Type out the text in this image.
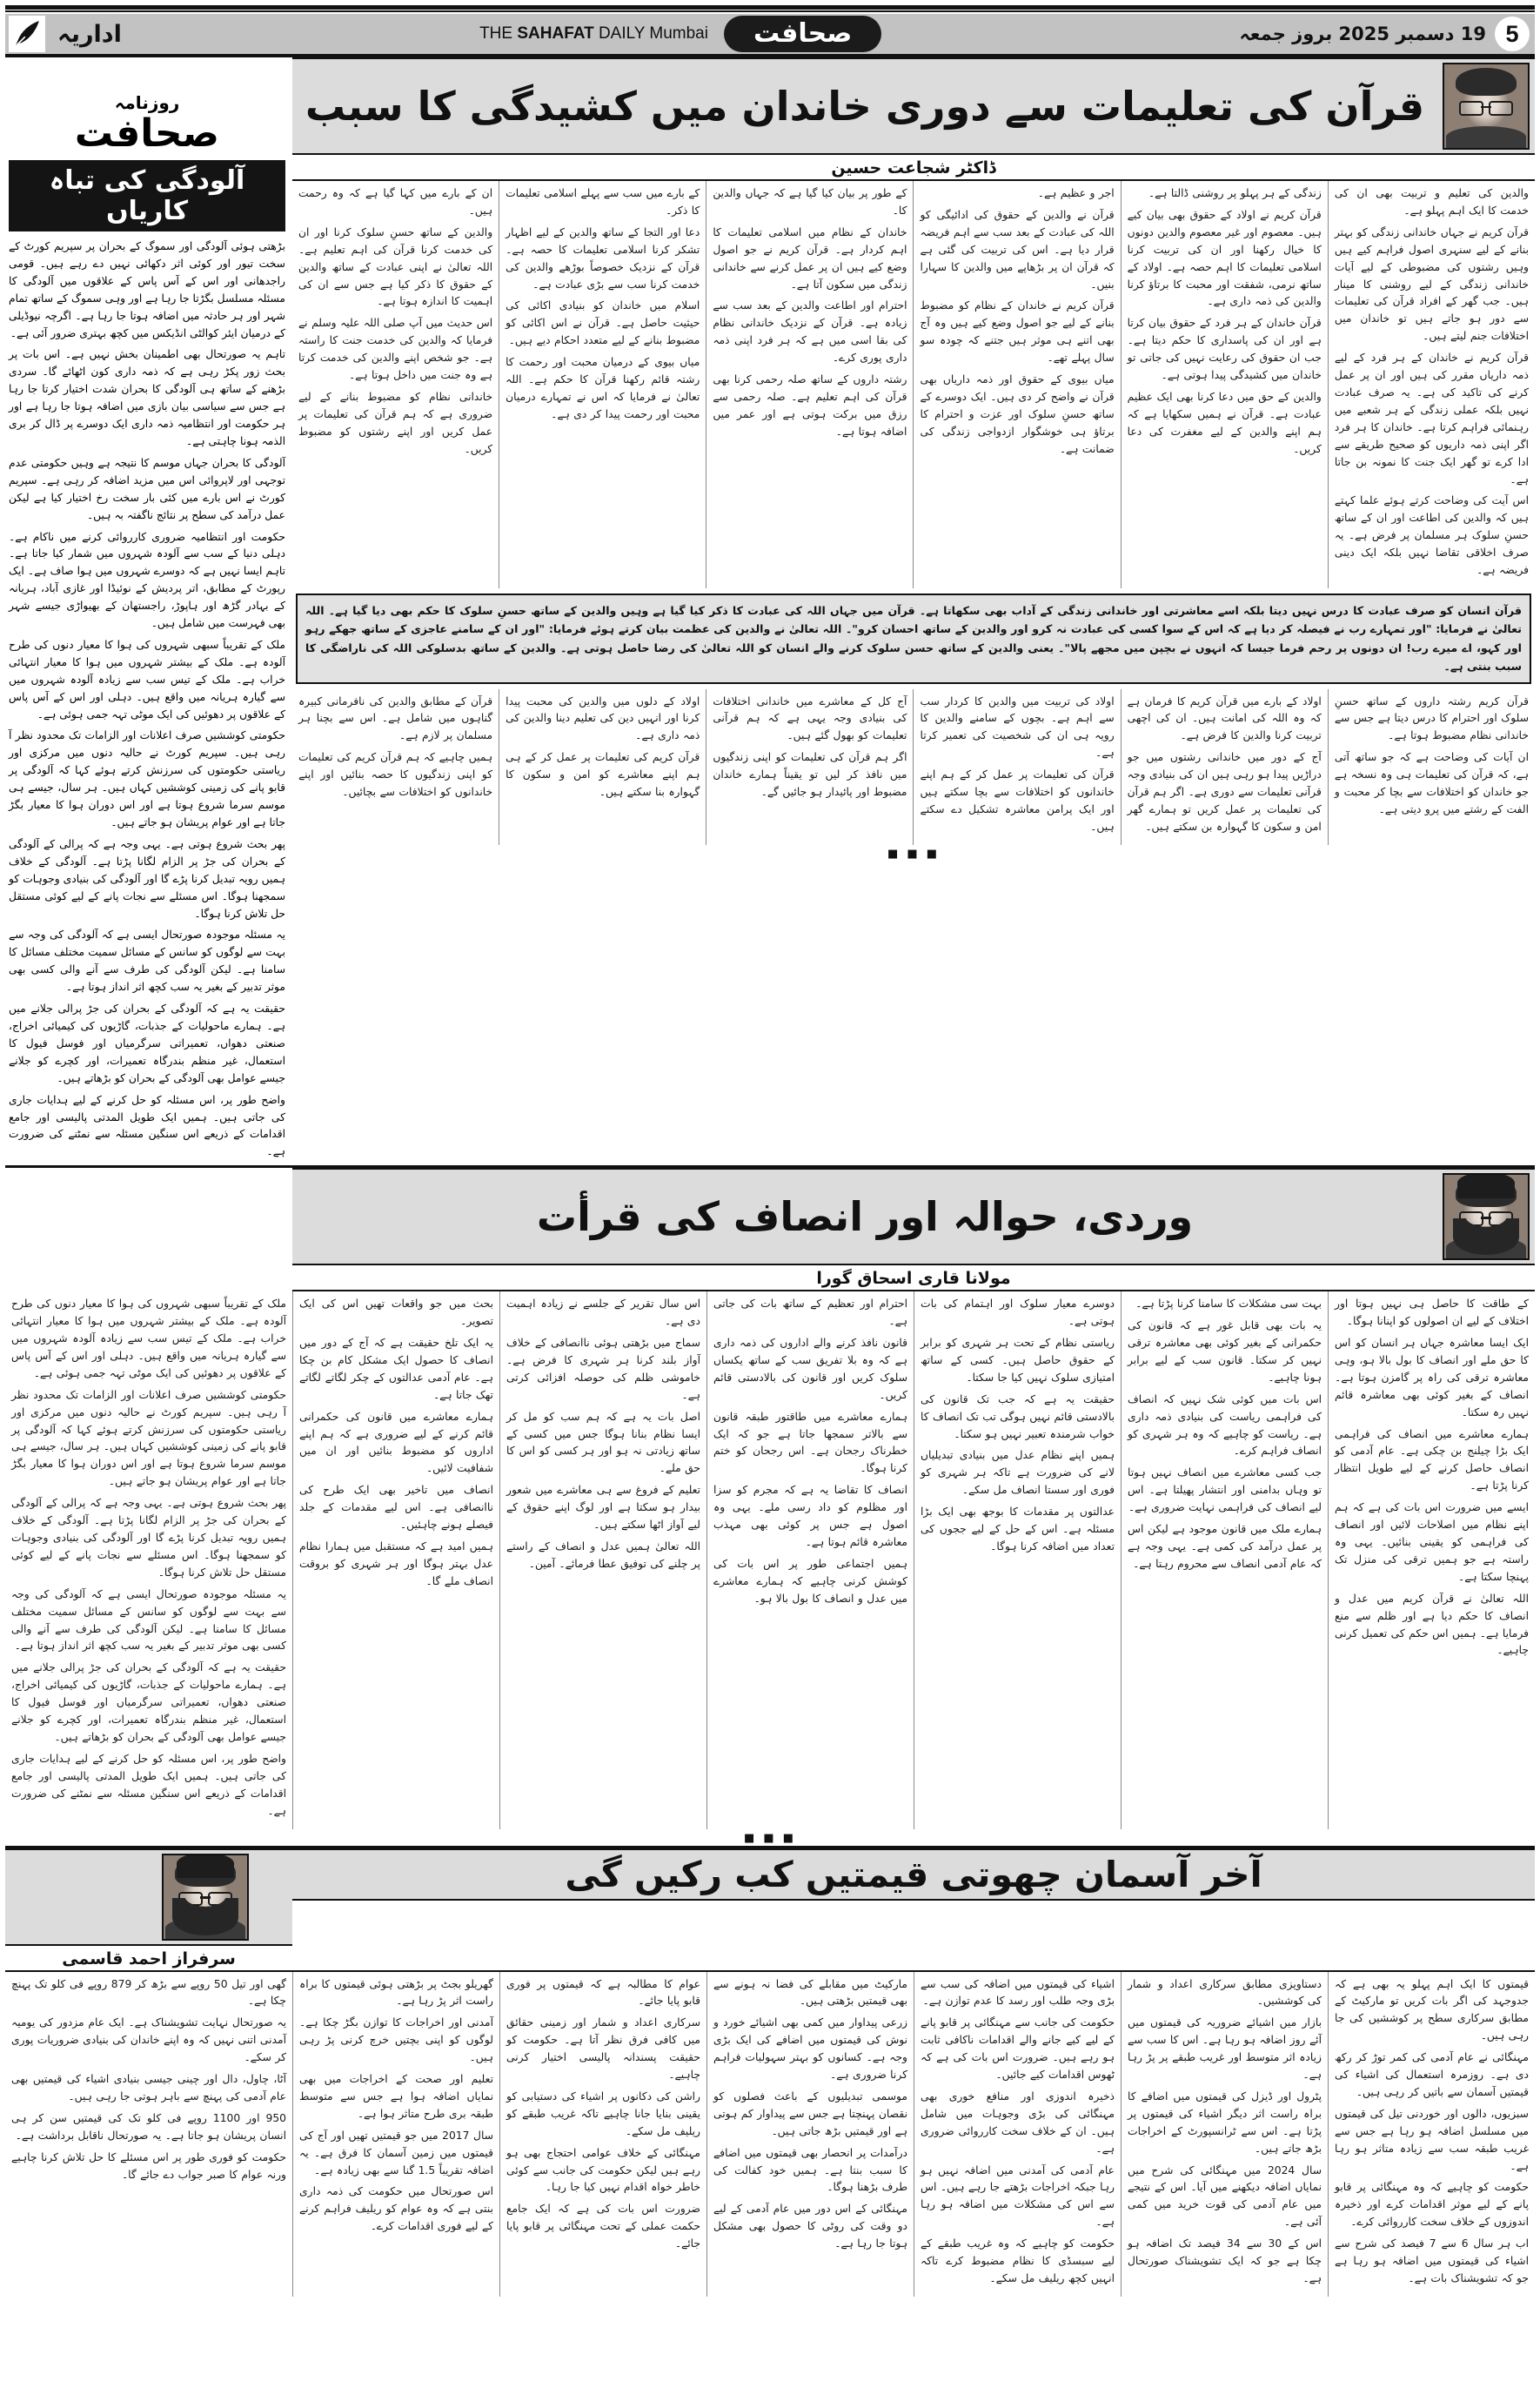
5
19 دسمبر 2025 بروز جمعہ
صحافت
THE SAHAFAT DAILY Mumbai
اداریہ
قرآن کی تعلیمات سے دوری خاندان میں کشیدگی کا سبب
ڈاکٹر شجاعت حسین

والدین کی تعلیم و تربیت بھی ان کی خدمت کا ایک اہم پہلو ہے۔

قرآن کریم نے جہاں خاندانی زندگی کو بہتر بنانے کے لیے سنہری اصول فراہم کیے ہیں وہیں رشتوں کی مضبوطی کے لیے آیات خاندانی زندگی کے لیے روشنی کا مینار ہیں۔ جب گھر کے افراد قرآن کی تعلیمات سے دور ہو جاتے ہیں تو خاندان میں اختلافات جنم لیتے ہیں۔

قرآن کریم نے خاندان کے ہر فرد کے لیے ذمہ داریاں مقرر کی ہیں اور ان پر عمل کرنے کی تاکید کی ہے۔ یہ صرف عبادت نہیں بلکہ عملی زندگی کے ہر شعبے میں رہنمائی فراہم کرتا ہے۔ خاندان کا ہر فرد اگر اپنی ذمہ داریوں کو صحیح طریقے سے ادا کرے تو گھر ایک جنت کا نمونہ بن جاتا ہے۔

اس آیت کی وضاحت کرتے ہوئے علما کہتے ہیں کہ والدین کی اطاعت اور ان کے ساتھ حسنِ سلوک ہر مسلمان پر فرض ہے۔ یہ صرف اخلاقی تقاضا نہیں بلکہ ایک دینی فریضہ ہے۔

زندگی کے ہر پہلو پر روشنی ڈالتا ہے۔

قرآن کریم نے اولاد کے حقوق بھی بیان کیے ہیں۔ معصوم اور غیر معصوم والدین دونوں کا خیال رکھنا اور ان کی تربیت کرنا اسلامی تعلیمات کا اہم حصہ ہے۔ اولاد کے ساتھ نرمی، شفقت اور محبت کا برتاؤ کرنا والدین کی ذمہ داری ہے۔

قرآن خاندان کے ہر فرد کے حقوق بیان کرتا ہے اور ان کی پاسداری کا حکم دیتا ہے۔ جب ان حقوق کی رعایت نہیں کی جاتی تو خاندان میں کشیدگی پیدا ہوتی ہے۔

والدین کے حق میں دعا کرنا بھی ایک عظیم عبادت ہے۔ قرآن نے ہمیں سکھایا ہے کہ ہم اپنے والدین کے لیے مغفرت کی دعا کریں۔

اجر و عظیم ہے۔

قرآن نے والدین کے حقوق کی ادائیگی کو اللہ کی عبادت کے بعد سب سے اہم فریضہ قرار دیا ہے۔ اس کی تربیت کی گئی ہے کہ قرآن ان پر بڑھاپے میں والدین کا سہارا بنیں۔

قرآن کریم نے خاندان کے نظام کو مضبوط بنانے کے لیے جو اصول وضع کیے ہیں وہ آج بھی اتنے ہی موثر ہیں جتنے کہ چودہ سو سال پہلے تھے۔

میاں بیوی کے حقوق اور ذمہ داریاں بھی قرآن نے واضح کر دی ہیں۔ ایک دوسرے کے ساتھ حسنِ سلوک اور عزت و احترام کا برتاؤ ہی خوشگوار ازدواجی زندگی کی ضمانت ہے۔

کے طور پر بیان کیا گیا ہے کہ جہاں والدین کا۔

خاندان کے نظام میں اسلامی تعلیمات کا اہم کردار ہے۔ قرآن کریم نے جو اصول وضع کیے ہیں ان پر عمل کرنے سے خاندانی زندگی میں سکون آتا ہے۔

احترام اور اطاعت والدین کے بعد سب سے زیادہ ہے۔ قرآن کے نزدیک خاندانی نظام کی بقا اسی میں ہے کہ ہر فرد اپنی ذمہ داری پوری کرے۔

رشتہ داروں کے ساتھ صلہ رحمی کرنا بھی قرآن کی اہم تعلیم ہے۔ صلہ رحمی سے رزق میں برکت ہوتی ہے اور عمر میں اضافہ ہوتا ہے۔

کے بارے میں سب سے پہلے اسلامی تعلیمات کا ذکر۔

دعا اور التجا کے ساتھ والدین کے لیے اظہار تشکر کرنا اسلامی تعلیمات کا حصہ ہے۔ قرآن کے نزدیک خصوصاً بوڑھے والدین کی خدمت کرنا سب سے بڑی عبادت ہے۔

اسلام میں خاندان کو بنیادی اکائی کی حیثیت حاصل ہے۔ قرآن نے اس اکائی کو مضبوط بنانے کے لیے متعدد احکام دیے ہیں۔

میاں بیوی کے درمیان محبت اور رحمت کا رشتہ قائم رکھنا قرآن کا حکم ہے۔ اللہ تعالیٰ نے فرمایا کہ اس نے تمہارے درمیان محبت اور رحمت پیدا کر دی ہے۔

ان کے بارے میں کہا گیا ہے کہ وہ رحمت ہیں۔

والدین کے ساتھ حسنِ سلوک کرنا اور ان کی خدمت کرنا قرآن کی اہم تعلیم ہے۔ اللہ تعالیٰ نے اپنی عبادت کے ساتھ والدین کے حقوق کا ذکر کیا ہے جس سے ان کی اہمیت کا اندازہ ہوتا ہے۔

اس حدیث میں آپ صلی اللہ علیہ وسلم نے فرمایا کہ والدین کی خدمت جنت کا راستہ ہے۔ جو شخص اپنے والدین کی خدمت کرتا ہے وہ جنت میں داخل ہوتا ہے۔

خاندانی نظام کو مضبوط بنانے کے لیے ضروری ہے کہ ہم قرآن کی تعلیمات پر عمل کریں اور اپنے رشتوں کو مضبوط کریں۔

قرآن انسان کو صرف عبادت کا درس نہیں دیتا بلکہ اسے معاشرتی اور خاندانی زندگی کے آداب بھی سکھاتا ہے۔ قرآن میں جہاں اللہ کی عبادت کا ذکر کیا گیا ہے وہیں والدین کے ساتھ حسنِ سلوک کا حکم بھی دیا گیا ہے۔ اللہ تعالیٰ نے فرمایا: "اور تمہارے رب نے فیصلہ کر دیا ہے کہ اس کے سوا کسی کی عبادت نہ کرو اور والدین کے ساتھ احسان کرو"۔ اللہ تعالیٰ نے والدین کی عظمت بیان کرتے ہوئے فرمایا: "اور ان کے سامنے عاجزی کے ساتھ جھکے رہو اور کہو، اے میرے رب! ان دونوں پر رحم فرما جیسا کہ انہوں نے بچپن میں مجھے پالا"۔ یعنی والدین کے ساتھ حسن سلوک کرنے والے انسان کو اللہ تعالیٰ کی رضا حاصل ہوتی ہے۔ والدین کے ساتھ بدسلوکی اللہ کی ناراضگی کا سبب بنتی ہے۔

قرآن کریم رشتہ داروں کے ساتھ حسنِ سلوک اور احترام کا درس دیتا ہے جس سے خاندانی نظام مضبوط ہوتا ہے۔

ان آیات کی وضاحت ہے کہ جو ساتھ آتی ہے، کہ قرآن کی تعلیمات ہی وہ نسخہ ہے جو خاندان کو اختلافات سے بچا کر محبت و الفت کے رشتے میں پرو دیتی ہے۔

اولاد کے بارے میں قرآن کریم کا فرمان ہے کہ وہ اللہ کی امانت ہیں۔ ان کی اچھی تربیت کرنا والدین کا فرض ہے۔

آج کے دور میں خاندانی رشتوں میں جو دراڑیں پیدا ہو رہی ہیں ان کی بنیادی وجہ قرآنی تعلیمات سے دوری ہے۔ اگر ہم قرآن کی تعلیمات پر عمل کریں تو ہمارے گھر امن و سکون کا گہوارہ بن سکتے ہیں۔

اولاد کی تربیت میں والدین کا کردار سب سے اہم ہے۔ بچوں کے سامنے والدین کا رویہ ہی ان کی شخصیت کی تعمیر کرتا ہے۔

قرآن کی تعلیمات پر عمل کر کے ہم اپنے خاندانوں کو اختلافات سے بچا سکتے ہیں اور ایک پرامن معاشرہ تشکیل دے سکتے ہیں۔

آج کل کے معاشرے میں خاندانی اختلافات کی بنیادی وجہ یہی ہے کہ ہم قرآنی تعلیمات کو بھول گئے ہیں۔

اگر ہم قرآن کی تعلیمات کو اپنی زندگیوں میں نافذ کر لیں تو یقیناً ہمارے خاندان مضبوط اور پائیدار ہو جائیں گے۔

اولاد کے دلوں میں والدین کی محبت پیدا کرنا اور انہیں دین کی تعلیم دینا والدین کی ذمہ داری ہے۔

قرآن کریم کی تعلیمات پر عمل کر کے ہی ہم اپنے معاشرے کو امن و سکون کا گہوارہ بنا سکتے ہیں۔

قرآن کے مطابق والدین کی نافرمانی کبیرہ گناہوں میں شامل ہے۔ اس سے بچنا ہر مسلمان پر لازم ہے۔

ہمیں چاہیے کہ ہم قرآن کریم کی تعلیمات کو اپنی زندگیوں کا حصہ بنائیں اور اپنے خاندانوں کو اختلافات سے بچائیں۔

■ ■ ■
روزنامہ
صحافت
آلودگی کی تباہ کاریاں

بڑھتی ہوئی آلودگی اور سموگ کے بحران پر سپریم کورٹ کے سخت تیور اور کوئی اثر دکھائی نہیں دے رہے ہیں۔ قومی راجدھانی اور اس کے آس پاس کے علاقوں میں آلودگی کا مسئلہ مسلسل بگڑتا جا رہا ہے اور وہی سموگ کے ساتھ تمام شہر اور ہر حادثہ میں اضافہ ہوتا جا رہا ہے۔ اگرچہ نیوڈیلی کے درمیان ایئر کوالٹی انڈیکس میں کچھ بہتری ضرور آئی ہے۔

تاہم یہ صورتحال بھی اطمینان بخش نہیں ہے۔ اس بات پر بحث زور پکڑ رہی ہے کہ ذمہ داری کون اٹھائے گا۔ سردی بڑھنے کے ساتھ ہی آلودگی کا بحران شدت اختیار کرتا جا رہا ہے جس سے سیاسی بیان بازی میں اضافہ ہوتا جا رہا ہے اور ہر حکومت اور انتظامیہ ذمہ داری ایک دوسرے پر ڈال کر بری الذمہ ہونا چاہتی ہے۔

آلودگی کا بحران جہاں موسم کا نتیجہ ہے وہیں حکومتی عدم توجہی اور لاپروائی اس میں مزید اضافہ کر رہی ہے۔ سپریم کورٹ نے اس بارے میں کئی بار سخت رخ اختیار کیا ہے لیکن عمل درآمد کی سطح پر نتائج ناگفتہ بہ ہیں۔

حکومت اور انتظامیہ ضروری کارروائی کرنے میں ناکام ہے۔ دہلی دنیا کے سب سے آلودہ شہروں میں شمار کیا جاتا ہے۔ تاہم ایسا نہیں ہے کہ دوسرے شہروں میں ہوا صاف ہے۔ ایک رپورٹ کے مطابق، اتر پردیش کے نوئیڈا اور غازی آباد، ہریانہ کے بہادر گڑھ اور ہاپوڑ، راجستھان کے بھیواڑی جیسے شہر بھی فہرست میں شامل ہیں۔

ملک کے تقریباً سبھی شہروں کی ہوا کا معیار دنوں کی طرح آلودہ ہے۔ ملک کے بیشتر شہروں میں ہوا کا معیار انتہائی خراب ہے۔ ملک کے تیس سب سے زیادہ آلودہ شہروں میں سے گیارہ ہریانہ میں واقع ہیں۔ دہلی اور اس کے آس پاس کے علاقوں پر دھوئیں کی ایک موٹی تہہ جمی ہوئی ہے۔

حکومتی کوششیں صرف اعلانات اور الزامات تک محدود نظر آ رہی ہیں۔ سپریم کورٹ نے حالیہ دنوں میں مرکزی اور ریاستی حکومتوں کی سرزنش کرتے ہوئے کہا کہ آلودگی پر قابو پانے کی زمینی کوششیں کہاں ہیں۔ ہر سال، جیسے ہی موسم سرما شروع ہوتا ہے اور اس دوران ہوا کا معیار بگڑ جاتا ہے اور عوام پریشان ہو جاتے ہیں۔

پھر بحث شروع ہوتی ہے۔ یہی وجہ ہے کہ پرالی کے آلودگی کے بحران کی جڑ پر الزام لگانا پڑتا ہے۔ آلودگی کے خلاف ہمیں رویہ تبدیل کرنا پڑے گا اور آلودگی کی بنیادی وجوہات کو سمجھنا ہوگا۔ اس مسئلے سے نجات پانے کے لیے کوئی مستقل حل تلاش کرنا ہوگا۔

یہ مسئلہ موجودہ صورتحال ایسی ہے کہ آلودگی کی وجہ سے بہت سے لوگوں کو سانس کے مسائل سمیت مختلف مسائل کا سامنا ہے۔ لیکن آلودگی کی طرف سے آنے والی کسی بھی موثر تدبیر کے بغیر یہ سب کچھ اثر انداز ہوتا ہے۔

حقیقت یہ ہے کہ آلودگی کے بحران کی جڑ پرالی جلانے میں ہے۔ ہمارے ماحولیات کے جذبات، گاڑیوں کی کیمیائی اخراج، صنعتی دھواں، تعمیراتی سرگرمیاں اور فوسل فیول کا استعمال، غیر منظم بندرگاہ تعمیرات، اور کچرے کو جلانے جیسے عوامل بھی آلودگی کے بحران کو بڑھاتے ہیں۔

واضح طور پر، اس مسئلہ کو حل کرنے کے لیے ہدایات جاری کی جاتی ہیں۔ ہمیں ایک طویل المدتی پالیسی اور جامع اقدامات کے ذریعے اس سنگین مسئلہ سے نمٹنے کی ضرورت ہے۔

وردی، حوالہ اور انصاف کی قرأت
مولانا قاری اسحاق گورا

کے طاقت کا حاصل ہی نہیں ہوتا اور اختلاف کے لیے ان اصولوں کو اپنانا ہوگا۔

ایک ایسا معاشرہ جہاں ہر انسان کو اس کا حق ملے اور انصاف کا بول بالا ہو، وہی معاشرہ ترقی کی راہ پر گامزن ہوتا ہے۔ انصاف کے بغیر کوئی بھی معاشرہ قائم نہیں رہ سکتا۔

ہمارے معاشرے میں انصاف کی فراہمی ایک بڑا چیلنج بن چکی ہے۔ عام آدمی کو انصاف حاصل کرنے کے لیے طویل انتظار کرنا پڑتا ہے۔

ایسے میں ضرورت اس بات کی ہے کہ ہم اپنے نظام میں اصلاحات لائیں اور انصاف کی فراہمی کو یقینی بنائیں۔ یہی وہ راستہ ہے جو ہمیں ترقی کی منزل تک پہنچا سکتا ہے۔

اللہ تعالیٰ نے قرآن کریم میں عدل و انصاف کا حکم دیا ہے اور ظلم سے منع فرمایا ہے۔ ہمیں اس حکم کی تعمیل کرنی چاہیے۔

بہت سی مشکلات کا سامنا کرنا پڑتا ہے۔

یہ بات بھی قابل غور ہے کہ قانون کی حکمرانی کے بغیر کوئی بھی معاشرہ ترقی نہیں کر سکتا۔ قانون سب کے لیے برابر ہونا چاہیے۔

اس بات میں کوئی شک نہیں کہ انصاف کی فراہمی ریاست کی بنیادی ذمہ داری ہے۔ ریاست کو چاہیے کہ وہ ہر شہری کو انصاف فراہم کرے۔

جب کسی معاشرے میں انصاف نہیں ہوتا تو وہاں بدامنی اور انتشار پھیلتا ہے۔ اس لیے انصاف کی فراہمی نہایت ضروری ہے۔

ہمارے ملک میں قانون موجود ہے لیکن اس پر عمل درآمد کی کمی ہے۔ یہی وجہ ہے کہ عام آدمی انصاف سے محروم رہتا ہے۔

دوسرے معیار سلوک اور اہتمام کی بات ہوتی ہے۔

ریاستی نظام کے تحت ہر شہری کو برابر کے حقوق حاصل ہیں۔ کسی کے ساتھ امتیازی سلوک نہیں کیا جا سکتا۔

حقیقت یہ ہے کہ جب تک قانون کی بالادستی قائم نہیں ہوگی تب تک انصاف کا خواب شرمندہ تعبیر نہیں ہو سکتا۔

ہمیں اپنے نظام عدل میں بنیادی تبدیلیاں لانے کی ضرورت ہے تاکہ ہر شہری کو فوری اور سستا انصاف مل سکے۔

عدالتوں پر مقدمات کا بوجھ بھی ایک بڑا مسئلہ ہے۔ اس کے حل کے لیے ججوں کی تعداد میں اضافہ کرنا ہوگا۔

احترام اور تعظیم کے ساتھ بات کی جاتی ہے۔

قانون نافذ کرنے والے اداروں کی ذمہ داری ہے کہ وہ بلا تفریق سب کے ساتھ یکساں سلوک کریں اور قانون کی بالادستی قائم کریں۔

ہمارے معاشرے میں طاقتور طبقہ قانون سے بالاتر سمجھا جاتا ہے جو کہ ایک خطرناک رجحان ہے۔ اس رجحان کو ختم کرنا ہوگا۔

انصاف کا تقاضا یہ ہے کہ مجرم کو سزا اور مظلوم کو داد رسی ملے۔ یہی وہ اصول ہے جس پر کوئی بھی مہذب معاشرہ قائم ہوتا ہے۔

ہمیں اجتماعی طور پر اس بات کی کوشش کرنی چاہیے کہ ہمارے معاشرے میں عدل و انصاف کا بول بالا ہو۔

اس سال تقریر کے جلسے نے زیادہ اہمیت دی ہے۔

سماج میں بڑھتی ہوئی ناانصافی کے خلاف آواز بلند کرنا ہر شہری کا فرض ہے۔ خاموشی ظلم کی حوصلہ افزائی کرتی ہے۔

اصل بات یہ ہے کہ ہم سب کو مل کر ایسا نظام بنانا ہوگا جس میں کسی کے ساتھ زیادتی نہ ہو اور ہر کسی کو اس کا حق ملے۔

تعلیم کے فروغ سے ہی معاشرے میں شعور بیدار ہو سکتا ہے اور لوگ اپنے حقوق کے لیے آواز اٹھا سکتے ہیں۔

اللہ تعالیٰ ہمیں عدل و انصاف کے راستے پر چلنے کی توفیق عطا فرمائے۔ آمین۔

بحث میں جو واقعات تھیں اس کی ایک تصویر۔

یہ ایک تلخ حقیقت ہے کہ آج کے دور میں انصاف کا حصول ایک مشکل کام بن چکا ہے۔ عام آدمی عدالتوں کے چکر لگاتے لگاتے تھک جاتا ہے۔

ہمارے معاشرے میں قانون کی حکمرانی قائم کرنے کے لیے ضروری ہے کہ ہم اپنے اداروں کو مضبوط بنائیں اور ان میں شفافیت لائیں۔

انصاف میں تاخیر بھی ایک طرح کی ناانصافی ہے۔ اس لیے مقدمات کے جلد فیصلے ہونے چاہئیں۔

ہمیں امید ہے کہ مستقبل میں ہمارا نظام عدل بہتر ہوگا اور ہر شہری کو بروقت انصاف ملے گا۔

ملک کے تقریباً سبھی شہروں کی ہوا کا معیار دنوں کی طرح آلودہ ہے۔ ملک کے بیشتر شہروں میں ہوا کا معیار انتہائی خراب ہے۔ ملک کے تیس سب سے زیادہ آلودہ شہروں میں سے گیارہ ہریانہ میں واقع ہیں۔ دہلی اور اس کے آس پاس کے علاقوں پر دھوئیں کی ایک موٹی تہہ جمی ہوئی ہے۔

حکومتی کوششیں صرف اعلانات اور الزامات تک محدود نظر آ رہی ہیں۔ سپریم کورٹ نے حالیہ دنوں میں مرکزی اور ریاستی حکومتوں کی سرزنش کرتے ہوئے کہا کہ آلودگی پر قابو پانے کی زمینی کوششیں کہاں ہیں۔ ہر سال، جیسے ہی موسم سرما شروع ہوتا ہے اور اس دوران ہوا کا معیار بگڑ جاتا ہے اور عوام پریشان ہو جاتے ہیں۔

پھر بحث شروع ہوتی ہے۔ یہی وجہ ہے کہ پرالی کے آلودگی کے بحران کی جڑ پر الزام لگانا پڑتا ہے۔ آلودگی کے خلاف ہمیں رویہ تبدیل کرنا پڑے گا اور آلودگی کی بنیادی وجوہات کو سمجھنا ہوگا۔ اس مسئلے سے نجات پانے کے لیے کوئی مستقل حل تلاش کرنا ہوگا۔

یہ مسئلہ موجودہ صورتحال ایسی ہے کہ آلودگی کی وجہ سے بہت سے لوگوں کو سانس کے مسائل سمیت مختلف مسائل کا سامنا ہے۔ لیکن آلودگی کی طرف سے آنے والی کسی بھی موثر تدبیر کے بغیر یہ سب کچھ اثر انداز ہوتا ہے۔

حقیقت یہ ہے کہ آلودگی کے بحران کی جڑ پرالی جلانے میں ہے۔ ہمارے ماحولیات کے جذبات، گاڑیوں کی کیمیائی اخراج، صنعتی دھواں، تعمیراتی سرگرمیاں اور فوسل فیول کا استعمال، غیر منظم بندرگاہ تعمیرات، اور کچرے کو جلانے جیسے عوامل بھی آلودگی کے بحران کو بڑھاتے ہیں۔

واضح طور پر، اس مسئلہ کو حل کرنے کے لیے ہدایات جاری کی جاتی ہیں۔ ہمیں ایک طویل المدتی پالیسی اور جامع اقدامات کے ذریعے اس سنگین مسئلہ سے نمٹنے کی ضرورت ہے۔

■ ■ ■
آخر آسمان چھوتی قیمتیں کب رکیں گی
سرفراز احمد قاسمی

قیمتوں کا ایک اہم پہلو یہ بھی ہے کہ جدوجہد کی اگر بات کریں تو مارکیٹ کے مطابق سرکاری سطح پر کوششیں کی جا رہی ہیں۔

مہنگائی نے عام آدمی کی کمر توڑ کر رکھ دی ہے۔ روزمرہ استعمال کی اشیاء کی قیمتیں آسمان سے باتیں کر رہی ہیں۔

سبزیوں، دالوں اور خوردنی تیل کی قیمتوں میں مسلسل اضافہ ہو رہا ہے جس سے غریب طبقہ سب سے زیادہ متاثر ہو رہا ہے۔

حکومت کو چاہیے کہ وہ مہنگائی پر قابو پانے کے لیے موثر اقدامات کرے اور ذخیرہ اندوزوں کے خلاف سخت کارروائی کرے۔

اب ہر سال 6 سے 7 فیصد کی شرح سے اشیاء کی قیمتوں میں اضافہ ہو رہا ہے جو کہ تشویشناک بات ہے۔

دستاویزی مطابق سرکاری اعداد و شمار کی کوششیں۔

بازار میں اشیائے ضروریہ کی قیمتوں میں آئے روز اضافہ ہو رہا ہے۔ اس کا سب سے زیادہ اثر متوسط اور غریب طبقے پر پڑ رہا ہے۔

پٹرول اور ڈیزل کی قیمتوں میں اضافے کا براہ راست اثر دیگر اشیاء کی قیمتوں پر پڑتا ہے۔ اس سے ٹرانسپورٹ کے اخراجات بڑھ جاتے ہیں۔

سال 2024 میں مہنگائی کی شرح میں نمایاں اضافہ دیکھنے میں آیا۔ اس کے نتیجے میں عام آدمی کی قوت خرید میں کمی آئی ہے۔

اس کے 30 سے 34 فیصد تک اضافہ ہو چکا ہے جو کہ ایک تشویشناک صورتحال ہے۔

اشیاء کی قیمتوں میں اضافہ کی سب سے بڑی وجہ طلب اور رسد کا عدم توازن ہے۔

حکومت کی جانب سے مہنگائی پر قابو پانے کے لیے کیے جانے والے اقدامات ناکافی ثابت ہو رہے ہیں۔ ضرورت اس بات کی ہے کہ ٹھوس اقدامات کیے جائیں۔

ذخیرہ اندوزی اور منافع خوری بھی مہنگائی کی بڑی وجوہات میں شامل ہیں۔ ان کے خلاف سخت کارروائی ضروری ہے۔

عام آدمی کی آمدنی میں اضافہ نہیں ہو رہا جبکہ اخراجات بڑھتے جا رہے ہیں۔ اس سے اس کی مشکلات میں اضافہ ہو رہا ہے۔

حکومت کو چاہیے کہ وہ غریب طبقے کے لیے سبسڈی کا نظام مضبوط کرے تاکہ انہیں کچھ ریلیف مل سکے۔

مارکیٹ میں مقابلے کی فضا نہ ہونے سے بھی قیمتیں بڑھتی ہیں۔

زرعی پیداوار میں کمی بھی اشیائے خورد و نوش کی قیمتوں میں اضافے کی ایک بڑی وجہ ہے۔ کسانوں کو بہتر سہولیات فراہم کرنا ضروری ہے۔

موسمی تبدیلیوں کے باعث فصلوں کو نقصان پہنچتا ہے جس سے پیداوار کم ہوتی ہے اور قیمتیں بڑھ جاتی ہیں۔

درآمدات پر انحصار بھی قیمتوں میں اضافے کا سبب بنتا ہے۔ ہمیں خود کفالت کی طرف بڑھنا ہوگا۔

مہنگائی کے اس دور میں عام آدمی کے لیے دو وقت کی روٹی کا حصول بھی مشکل ہوتا جا رہا ہے۔

عوام کا مطالبہ ہے کہ قیمتوں پر فوری قابو پایا جائے۔

سرکاری اعداد و شمار اور زمینی حقائق میں کافی فرق نظر آتا ہے۔ حکومت کو حقیقت پسندانہ پالیسی اختیار کرنی چاہیے۔

راشن کی دکانوں پر اشیاء کی دستیابی کو یقینی بنایا جانا چاہیے تاکہ غریب طبقے کو ریلیف مل سکے۔

مہنگائی کے خلاف عوامی احتجاج بھی ہو رہے ہیں لیکن حکومت کی جانب سے کوئی خاطر خواہ اقدام نہیں کیا جا رہا۔

ضرورت اس بات کی ہے کہ ایک جامع حکمت عملی کے تحت مہنگائی پر قابو پایا جائے۔

گھریلو بجٹ پر بڑھتی ہوئی قیمتوں کا براہ راست اثر پڑ رہا ہے۔

آمدنی اور اخراجات کا توازن بگڑ چکا ہے۔ لوگوں کو اپنی بچتیں خرچ کرنی پڑ رہی ہیں۔

تعلیم اور صحت کے اخراجات میں بھی نمایاں اضافہ ہوا ہے جس سے متوسط طبقہ بری طرح متاثر ہوا ہے۔

سال 2017 میں جو قیمتیں تھیں اور آج کی قیمتوں میں زمین آسمان کا فرق ہے۔ یہ اضافہ تقریباً 1.5 گنا سے بھی زیادہ ہے۔

اس صورتحال میں حکومت کی ذمہ داری بنتی ہے کہ وہ عوام کو ریلیف فراہم کرنے کے لیے فوری اقدامات کرے۔

گھی اور تیل 50 روپے سے بڑھ کر 879 روپے فی کلو تک پہنچ چکا ہے۔

یہ صورتحال نہایت تشویشناک ہے۔ ایک عام مزدور کی یومیہ آمدنی اتنی نہیں کہ وہ اپنے خاندان کی بنیادی ضروریات پوری کر سکے۔

آٹا، چاول، دال اور چینی جیسی بنیادی اشیاء کی قیمتیں بھی عام آدمی کی پہنچ سے باہر ہوتی جا رہی ہیں۔

950 اور 1100 روپے فی کلو تک کی قیمتیں سن کر ہی انسان پریشان ہو جاتا ہے۔ یہ صورتحال ناقابل برداشت ہے۔

حکومت کو فوری طور پر اس مسئلے کا حل تلاش کرنا چاہیے ورنہ عوام کا صبر جواب دے جائے گا۔
